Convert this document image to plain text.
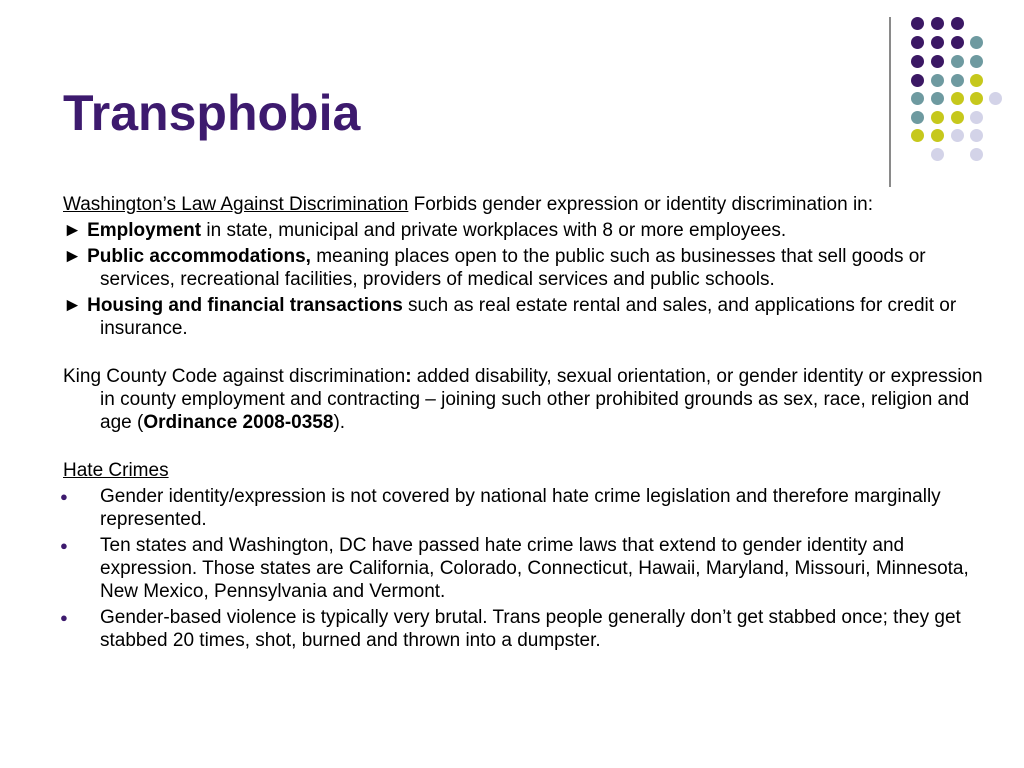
Transphobia

Washington’s Law Against Discrimination Forbids gender expression or identity discrimination in:

► Employment in state, municipal and private workplaces with 8 or more employees.

► Public accommodations, meaning places open to the public such as businesses that sell goods or services, recreational facilities, providers of medical services and public schools.

► Housing and financial transactions such as real estate rental and sales, and applications for credit or insurance.

King County Code against discrimination: added disability, sexual orientation, or gender identity or expression in county employment and contracting – joining such other prohibited grounds as sex, race, religion and age (Ordinance 2008-0358).

Hate Crimes

● Gender identity/expression is not covered by national hate crime legislation and therefore marginally represented.

● Ten states and Washington, DC have passed hate crime laws that extend to gender identity and expression. Those states are California, Colorado, Connecticut, Hawaii, Maryland, Missouri, Minnesota, New Mexico, Pennsylvania and Vermont.

● Gender-based violence is typically very brutal. Trans people generally don’t get stabbed once; they get stabbed 20 times, shot, burned and thrown into a dumpster.
